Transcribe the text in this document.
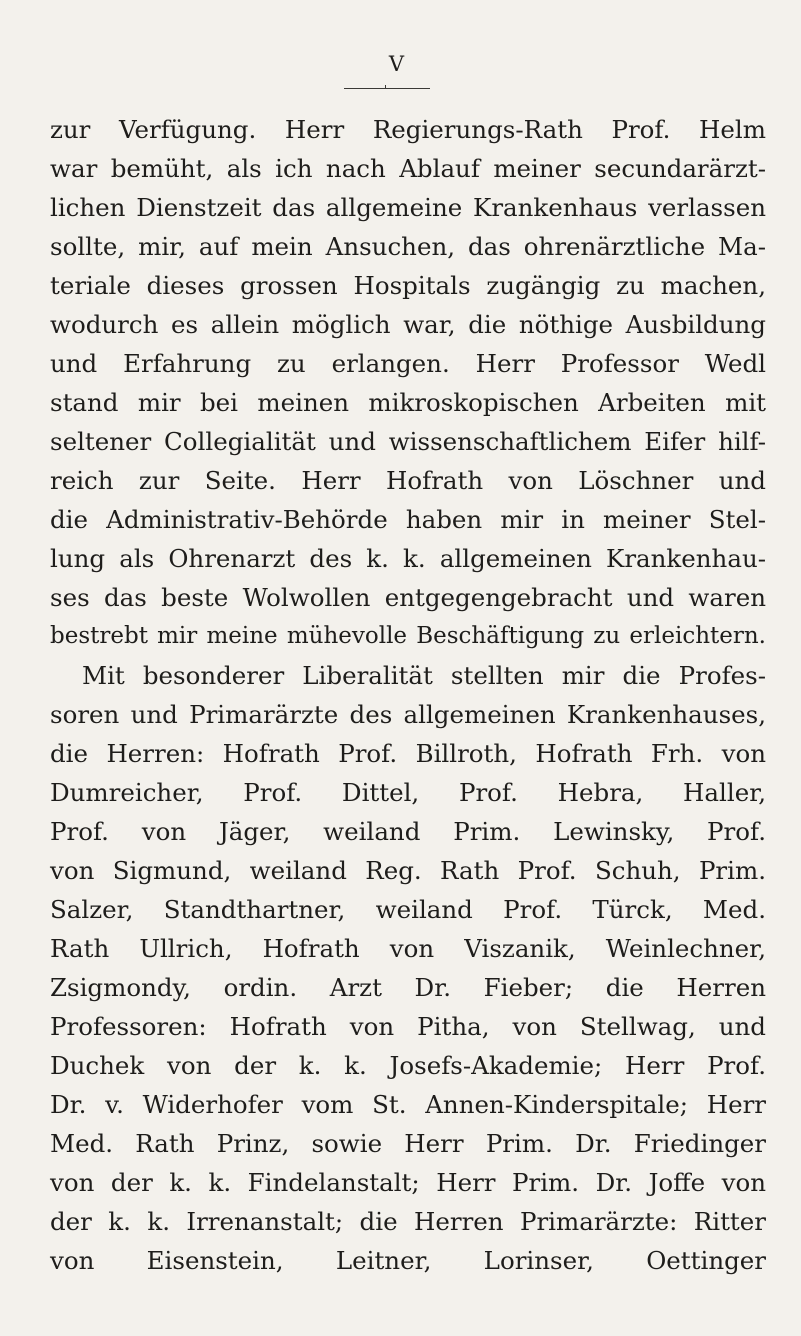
V
zur Verfügung. Herr Regierungs-Rath Prof. Helm
war bemüht, als ich nach Ablauf meiner secundarärzt-
lichen Dienstzeit das allgemeine Krankenhaus verlassen
sollte, mir, auf mein Ansuchen, das ohrenärztliche Ma-
teriale dieses grossen Hospitals zugängig zu machen,
wodurch es allein möglich war, die nöthige Ausbildung
und Erfahrung zu erlangen. Herr Professor Wedl
stand mir bei meinen mikroskopischen Arbeiten mit
seltener Collegialität und wissenschaftlichem Eifer hilf-
reich zur Seite. Herr Hofrath von Löschner und
die Administrativ-Behörde haben mir in meiner Stel-
lung als Ohrenarzt des k. k. allgemeinen Krankenhau-
ses das beste Wolwollen entgegengebracht und waren
bestrebt mir meine mühevolle Beschäftigung zu erleichtern.
Mit besonderer Liberalität stellten mir die Profes-
soren und Primarärzte des allgemeinen Krankenhauses,
die Herren: Hofrath Prof. Billroth, Hofrath Frh. von
Dumreicher, Prof. Dittel, Prof. Hebra, Haller,
Prof. von Jäger, weiland Prim. Lewinsky, Prof.
von Sigmund, weiland Reg. Rath Prof. Schuh, Prim.
Salzer, Standthartner, weiland Prof. Türck, Med.
Rath Ullrich, Hofrath von Viszanik, Weinlechner,
Zsigmondy, ordin. Arzt Dr. Fieber; die Herren
Professoren: Hofrath von Pitha, von Stellwag, und
Duchek von der k. k. Josefs-Akademie; Herr Prof.
Dr. v. Widerhofer vom St. Annen-Kinderspitale; Herr
Med. Rath Prinz, sowie Herr Prim. Dr. Friedinger
von der k. k. Findelanstalt; Herr Prim. Dr. Joffe von
der k. k. Irrenanstalt; die Herren Primarärzte: Ritter
von Eisenstein, Leitner, Lorinser, Oettinger
